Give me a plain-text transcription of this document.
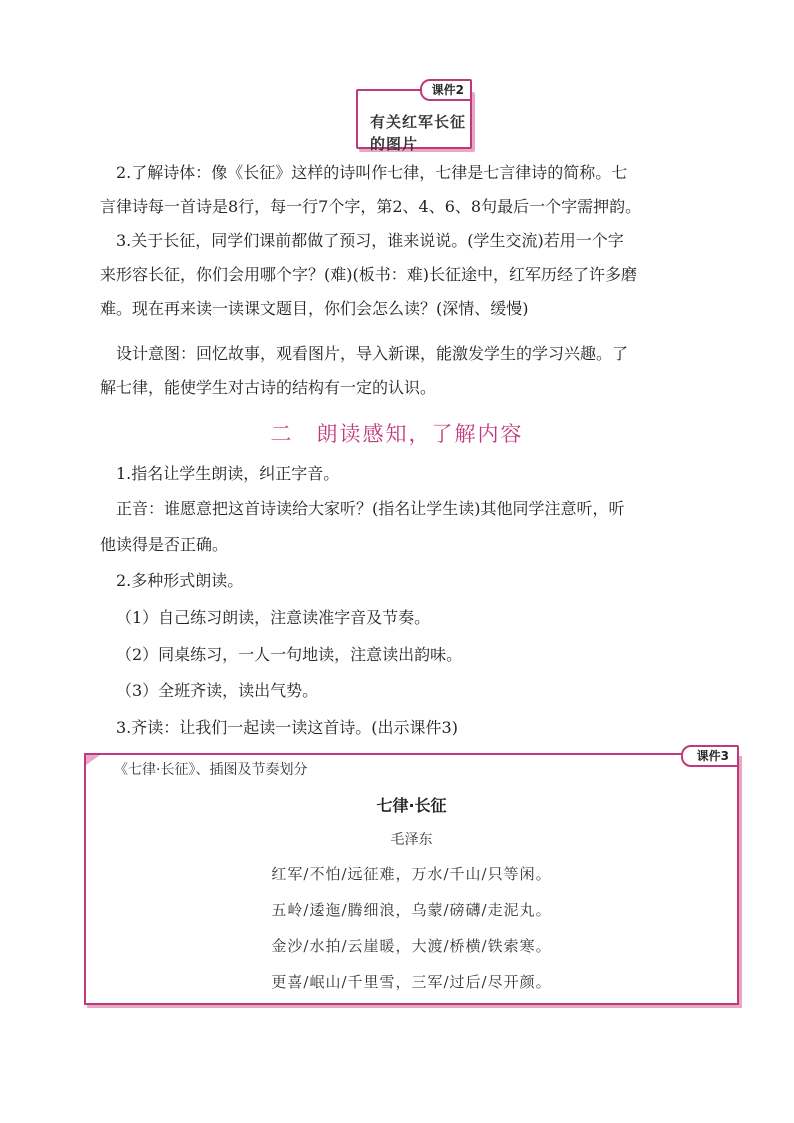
有关红军长征的图片
课件2

2.了解诗体：像《长征》这样的诗叫作七律，七律是七言律诗的简称。七

言律诗每一首诗是8行，每一行7个字，第2、4、6、8句最后一个字需押韵。

3.关于长征，同学们课前都做了预习，谁来说说。(学生交流)若用一个字

来形容长征，你们会用哪个字？(难)(板书：难)长征途中，红军历经了许多磨

难。现在再来读一读课文题目，你们会怎么读？(深情、缓慢)

设计意图：回忆故事，观看图片，导入新课，能激发学生的学习兴趣。了

解七律，能使学生对古诗的结构有一定的认识。

二　朗读感知，了解内容

1.指名让学生朗读，纠正字音。

正音：谁愿意把这首诗读给大家听？(指名让学生读)其他同学注意听，听

他读得是否正确。

2.多种形式朗读。

（1）自己练习朗读，注意读准字音及节奏。

（2）同桌练习，一人一句地读，注意读出韵味。

（3）全班齐读，读出气势。

3.齐读：让我们一起读一读这首诗。(出示课件3)

课件3
《七律·长征》、插图及节奏划分
七律·长征
毛泽东
红军/不怕/远征难，万水/千山/只等闲。
五岭/逶迤/腾细浪，乌蒙/磅礴/走泥丸。
金沙/水拍/云崖暖，大渡/桥横/铁索寒。
更喜/岷山/千里雪，三军/过后/尽开颜。
